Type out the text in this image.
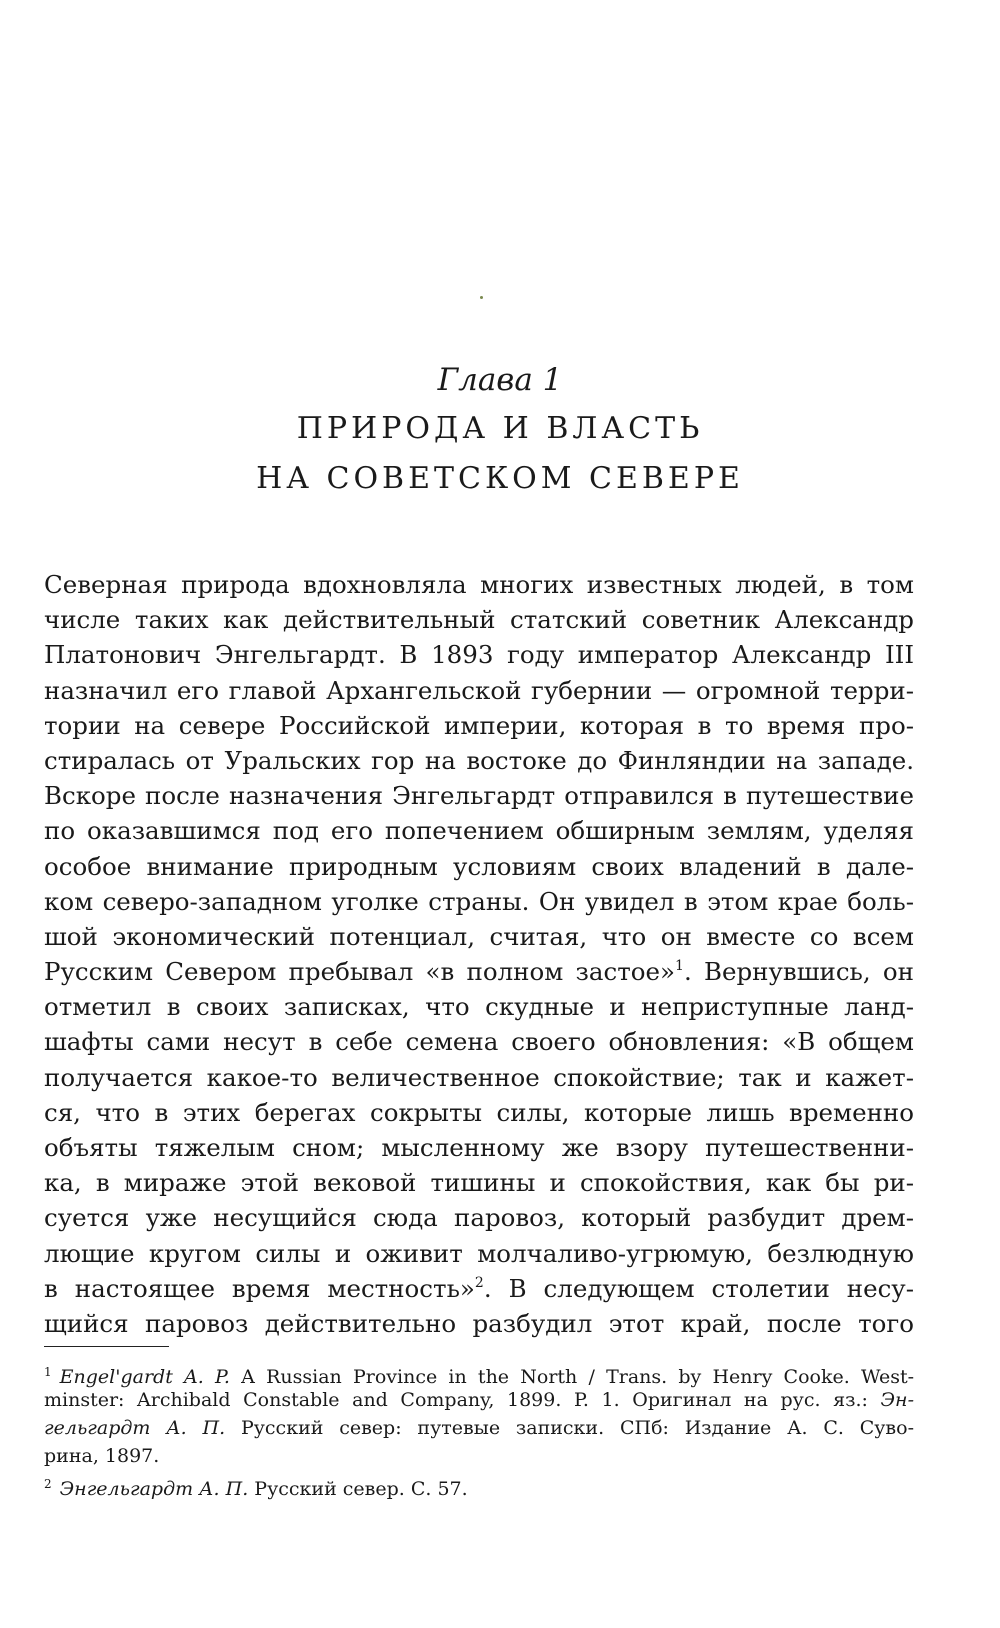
Глава 1
ПРИРОДА И ВЛАСТЬ
НА СОВЕТСКОМ СЕВЕРЕ
Северная природа вдохновляла многих известных людей, в том
числе таких как действительный статский советник Александр
Платонович Энгельгардт. В 1893 году император Александр III
назначил его главой Архангельской губернии — огромной терри-
тории на севере Российской империи, которая в то время про-
стиралась от Уральских гор на востоке до Финляндии на западе.
Вскоре после назначения Энгельгардт отправился в путешествие
по оказавшимся под его попечением обширным землям, уделяя
особое внимание природным условиям своих владений в дале-
ком северо-западном уголке страны. Он увидел в этом крае боль-
шой экономический потенциал, считая, что он вместе со всем
Русским Севером пребывал «в полном застое»$^1$. Вернувшись, он
отметил в своих записках, что скудные и неприступные ланд-
шафты сами несут в себе семена своего обновления: «В общем
получается какое-то величественное спокойствие; так и кажет-
ся, что в этих берегах сокрыты силы, которые лишь временно
объяты тяжелым сном; мысленному же взору путешественни-
ка, в мираже этой вековой тишины и спокойствия, как бы ри-
суется уже несущийся сюда паровоз, который разбудит дрем-
лющие кругом силы и оживит молчаливо-угрюмую, безлюдную
в настоящее время местность»$^2$. В следующем столетии несу-
щийся паровоз действительно разбудил этот край, после того
$^1$ Engel'gardt A. P. A Russian Province in the North / Trans. by Henry Cooke. West-
minster: Archibald Constable and Company, 1899. P. 1. Оригинал на рус. яз.: Эн-
гельгардт А. П. Русский север: путевые записки. СПб: Издание А. С. Суво-
рина, 1897.
$^2$ Энгельгардт А. П. Русский север. С. 57.
